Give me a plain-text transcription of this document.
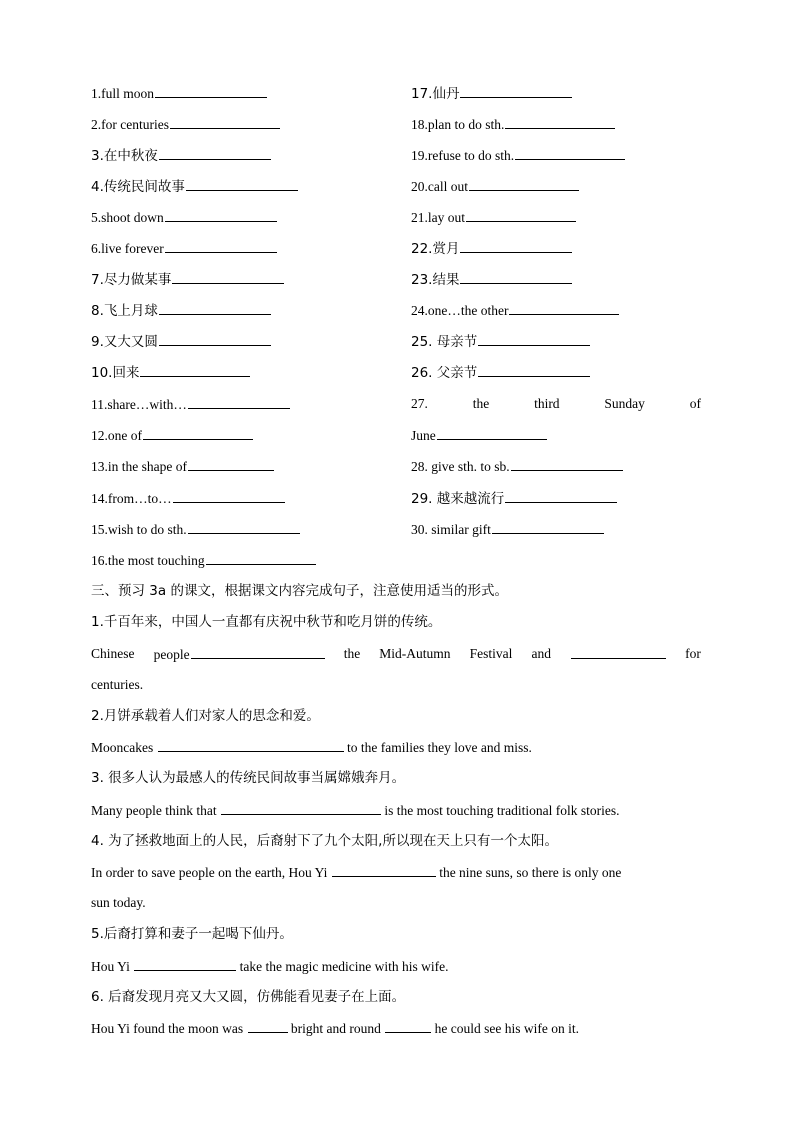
1.full moon
2.for centuries
3.在中秋夜
4.传统民间故事
5.shoot down
6.live forever
7.尽力做某事
8.飞上月球
9.又大又圆
10.回来
11.share…with…
12.one of
13.in the shape of
14.from…to…
15.wish to do sth.
16.the most touching
17.仙丹
18.plan to do sth.
19.refuse to do sth.
20.call out
21.lay out
22.赏月
23.结果
24.one…the other
25. 母亲节
26. 父亲节
27.	the	third	Sunday	of
June
28. give sth. to sb.
29. 越来越流行
30. similar gift
三、预习 3a 的课文，根据课文内容完成句子，注意使用适当的形式。
1.千百年来，中国人一直都有庆祝中秋节和吃月饼的传统。
Chinese people	the Mid-Autumn Festival and	for
centuries.
2.月饼承载着人们对家人的思念和爱。
Mooncakes	to the families they love and miss.
3. 很多人认为最感人的传统民间故事当属嫦娥奔月。
Many people think that	is the most touching traditional folk stories.
4. 为了拯救地面上的人民，后裔射下了九个太阳,所以现在天上只有一个太阳。
In order to save people on the earth, Hou Yi	the nine suns, so there is only one
sun today.
5.后裔打算和妻子一起喝下仙丹。
Hou Yi	take the magic medicine with his wife.
6. 后裔发现月亮又大又圆，仿佛能看见妻子在上面。
Hou Yi found the moon was	bright and round	he could see his wife on it.
